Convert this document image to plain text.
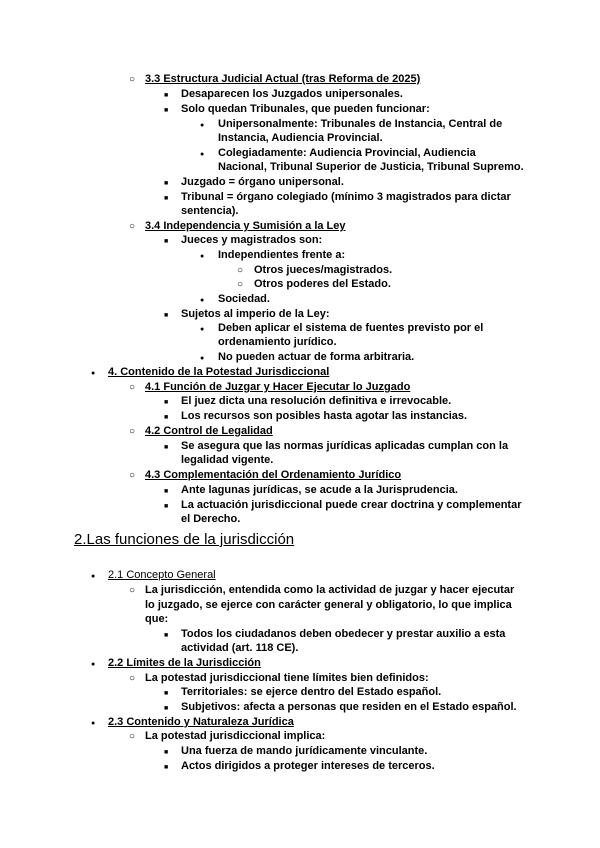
○
3.3 Estructura Judicial Actual (tras Reforma de 2025)
■
Desaparecen los Juzgados unipersonales.
■
Solo quedan Tribunales, que pueden funcionar:
●
Unipersonalmente: Tribunales de Instancia, Central de
Instancia, Audiencia Provincial.
●
Colegiadamente: Audiencia Provincial, Audiencia
Nacional, Tribunal Superior de Justicia, Tribunal Supremo.
■
Juzgado = órgano unipersonal.
■
Tribunal = órgano colegiado (mínimo 3 magistrados para dictar
sentencia).
○
3.4 Independencia y Sumisión a la Ley
■
Jueces y magistrados son:
●
Independientes frente a:
○
Otros jueces/magistrados.
○
Otros poderes del Estado.
●
Sociedad.
■
Sujetos al imperio de la Ley:
●
Deben aplicar el sistema de fuentes previsto por el
ordenamiento jurídico.
●
No pueden actuar de forma arbitraria.
●
4. Contenido de la Potestad Jurisdiccional
○
4.1 Función de Juzgar y Hacer Ejecutar lo Juzgado
■
El juez dicta una resolución definitiva e irrevocable.
■
Los recursos son posibles hasta agotar las instancias.
○
4.2 Control de Legalidad
■
Se asegura que las normas jurídicas aplicadas cumplan con la
legalidad vigente.
○
4.3 Complementación del Ordenamiento Jurídico
■
Ante lagunas jurídicas, se acude a la Jurisprudencia.
■
La actuación jurisdiccional puede crear doctrina y complementar
el Derecho.
2.Las funciones de la jurisdicción
●
2.1 Concepto General
○
La jurisdicción, entendida como la actividad de juzgar y hacer ejecutar
lo juzgado, se ejerce con carácter general y obligatorio, lo que implica
que:
■
Todos los ciudadanos deben obedecer y prestar auxilio a esta
actividad (art. 118 CE).
●
2.2 Límites de la Jurisdicción
○
La potestad jurisdiccional tiene límites bien definidos:
■
Territoriales: se ejerce dentro del Estado español.
■
Subjetivos: afecta a personas que residen en el Estado español.
●
2.3 Contenido y Naturaleza Jurídica
○
La potestad jurisdiccional implica:
■
Una fuerza de mando jurídicamente vinculante.
■
Actos dirigidos a proteger intereses de terceros.
